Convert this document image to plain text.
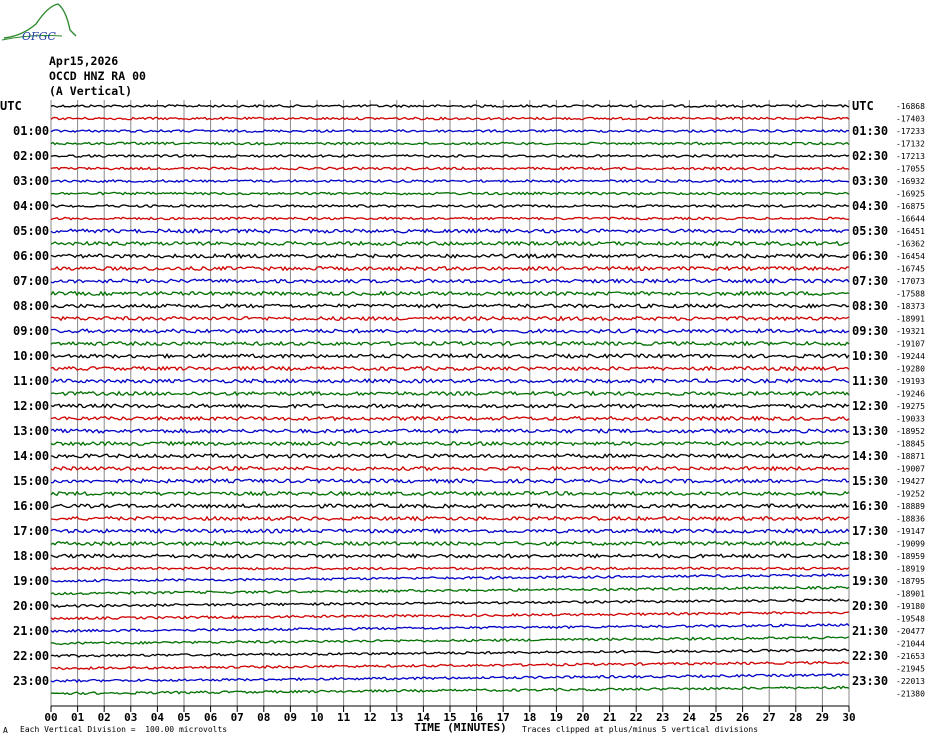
OFGC
Apr15,2026
OCCD HNZ RA 00
(A Vertical)
UTC
01:00
02:00
03:00
04:00
05:00
06:00
07:00
08:00
09:00
10:00
11:00
12:00
13:00
14:00
15:00
16:00
17:00
18:00
19:00
20:00
21:00
22:00
23:00
UTC
01:30
02:30
03:30
04:30
05:30
06:30
07:30
08:30
09:30
10:30
11:30
12:30
13:30
14:30
15:30
16:30
17:30
18:30
19:30
20:30
21:30
22:30
23:30
-16868
-17403
-17233
-17132
-17213
-17055
-16932
-16925
-16875
-16644
-16451
-16362
-16454
-16745
-17073
-17588
-18373
-18991
-19321
-19107
-19244
-19280
-19193
-19246
-19275
-19033
-18952
-18845
-18871
-19007
-19427
-19252
-18889
-18836
-19147
-19099
-18959
-18919
-18795
-18901
-19180
-19548
-20477
-21044
-21653
-21945
-22013
-21380
00 01 02 03 04 05 06 07 08 09 10 11 12 13 14 15 16 17 18 19 20 21 22 23 24 25 26 27 28 29 30
A Each Vertical Division =  100.00 microvolts	TIME (MINUTES) Traces clipped at plus/minus 5 vertical divisions
